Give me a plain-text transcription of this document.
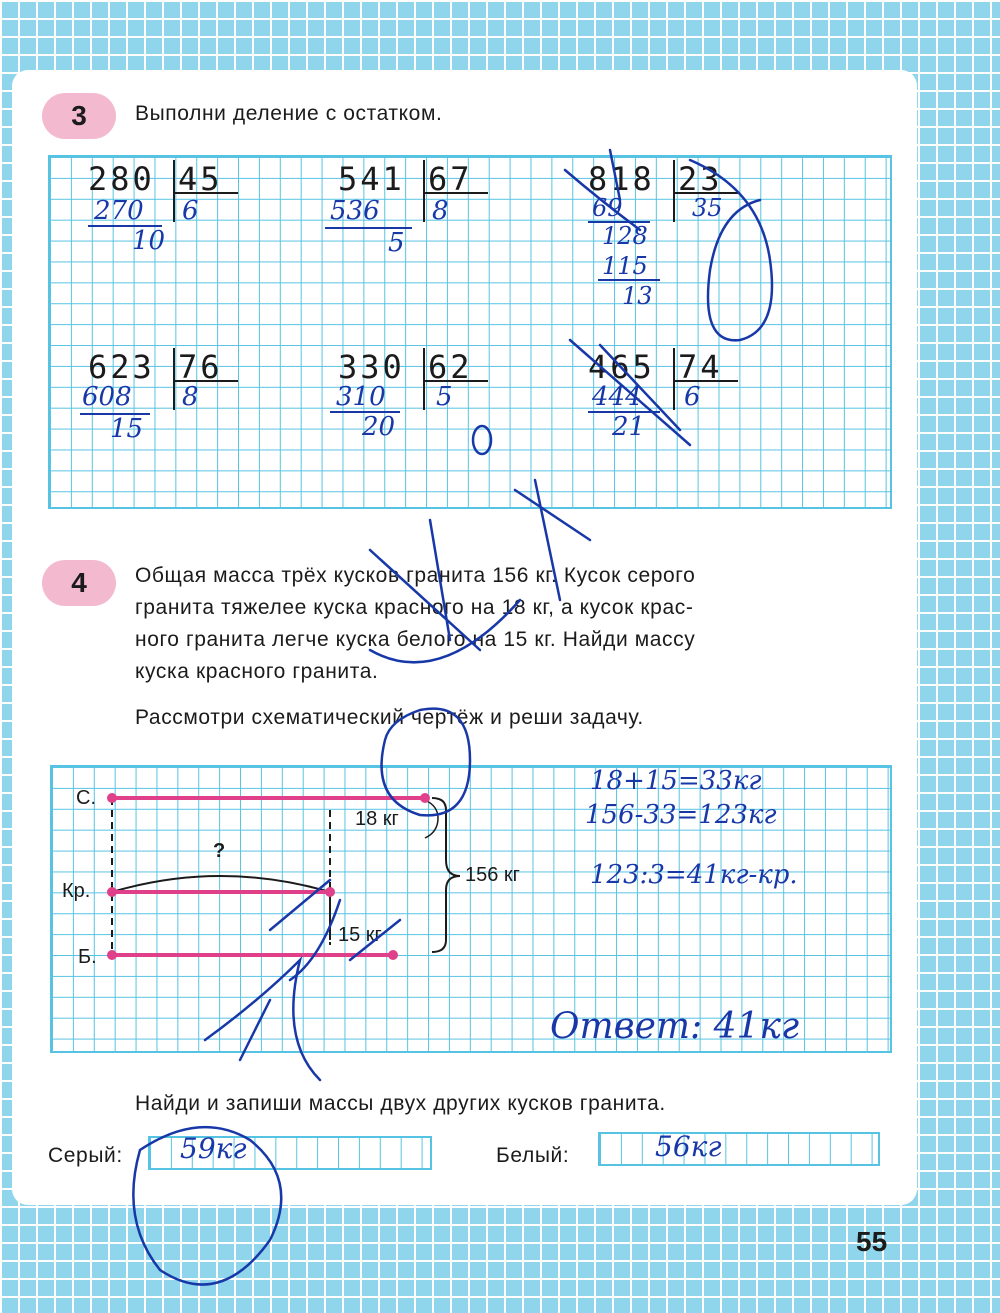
3	Выполни деление с остатком.
280 45
270 6
10
541 67
536 8
5
818 23
69	35
128
115
13
623 76
608 8
15
330 62
310 5
20
465 74
444 6
21
4	Общая масса трёх кусков гранита 156 кг. Кусок серого
гранита тяжелее куска красного на 18 кг, а кусок крас-
ного гранита легче куска белого на 15 кг. Найди массу
куска красного гранита.
Рассмотри схематический чертёж и реши задачу.
С.
Кр.
Б.
?
18 кг
15 кг
156 кг
18+15=33кг
156-33=123кг
123:3=41кг-кр.
Ответ: 41кг
Найди и запиши массы двух других кусков гранита.
Серый: 59кг	Белый:	56кг
55
